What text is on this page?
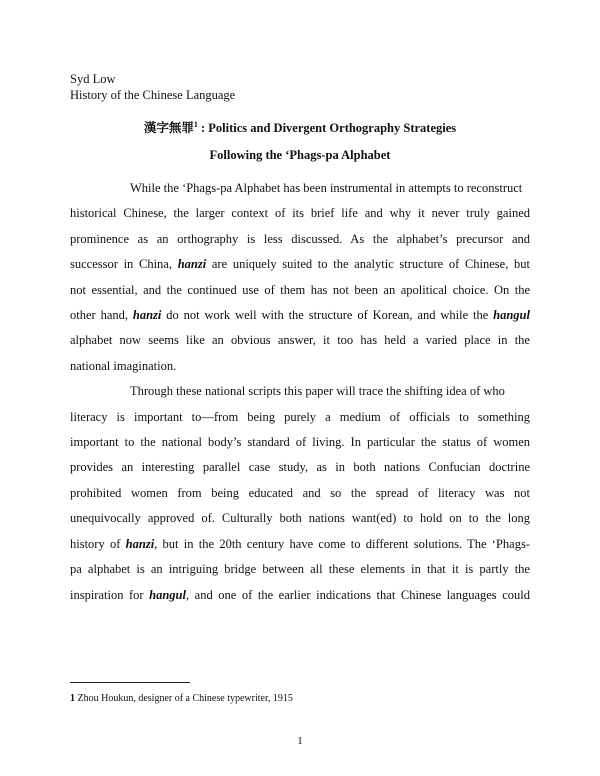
Syd Low
History of the Chinese Language
漢字無罪$^1$ : Politics and Divergent Orthography Strategies
Following the ‘Phags-pa Alphabet
While the ‘Phags-pa Alphabet has been instrumental in attempts to reconstruct
historical Chinese, the larger context of its brief life and why it never truly gained
prominence as an orthography is less discussed. As the alphabet’s precursor and
successor in China, hanzi are uniquely suited to the analytic structure of Chinese, but
not essential, and the continued use of them has not been an apolitical choice. On the
other hand, hanzi do not work well with the structure of Korean, and while the hangul
alphabet now seems like an obvious answer, it too has held a varied place in the
national imagination.
Through these national scripts this paper will trace the shifting idea of who
literacy is important to—from being purely a medium of officials to something
important to the national body’s standard of living. In particular the status of women
provides an interesting parallel case study, as in both nations Confucian doctrine
prohibited women from being educated and so the spread of literacy was not
unequivocally approved of. Culturally both nations want(ed) to hold on to the long
history of hanzi, but in the 20th century have come to different solutions. The ‘Phags-
pa alphabet is an intriguing bridge between all these elements in that it is partly the
inspiration for hangul, and one of the earlier indications that Chinese languages could
1 Zhou Houkun, designer of a Chinese typewriter, 1915
1
